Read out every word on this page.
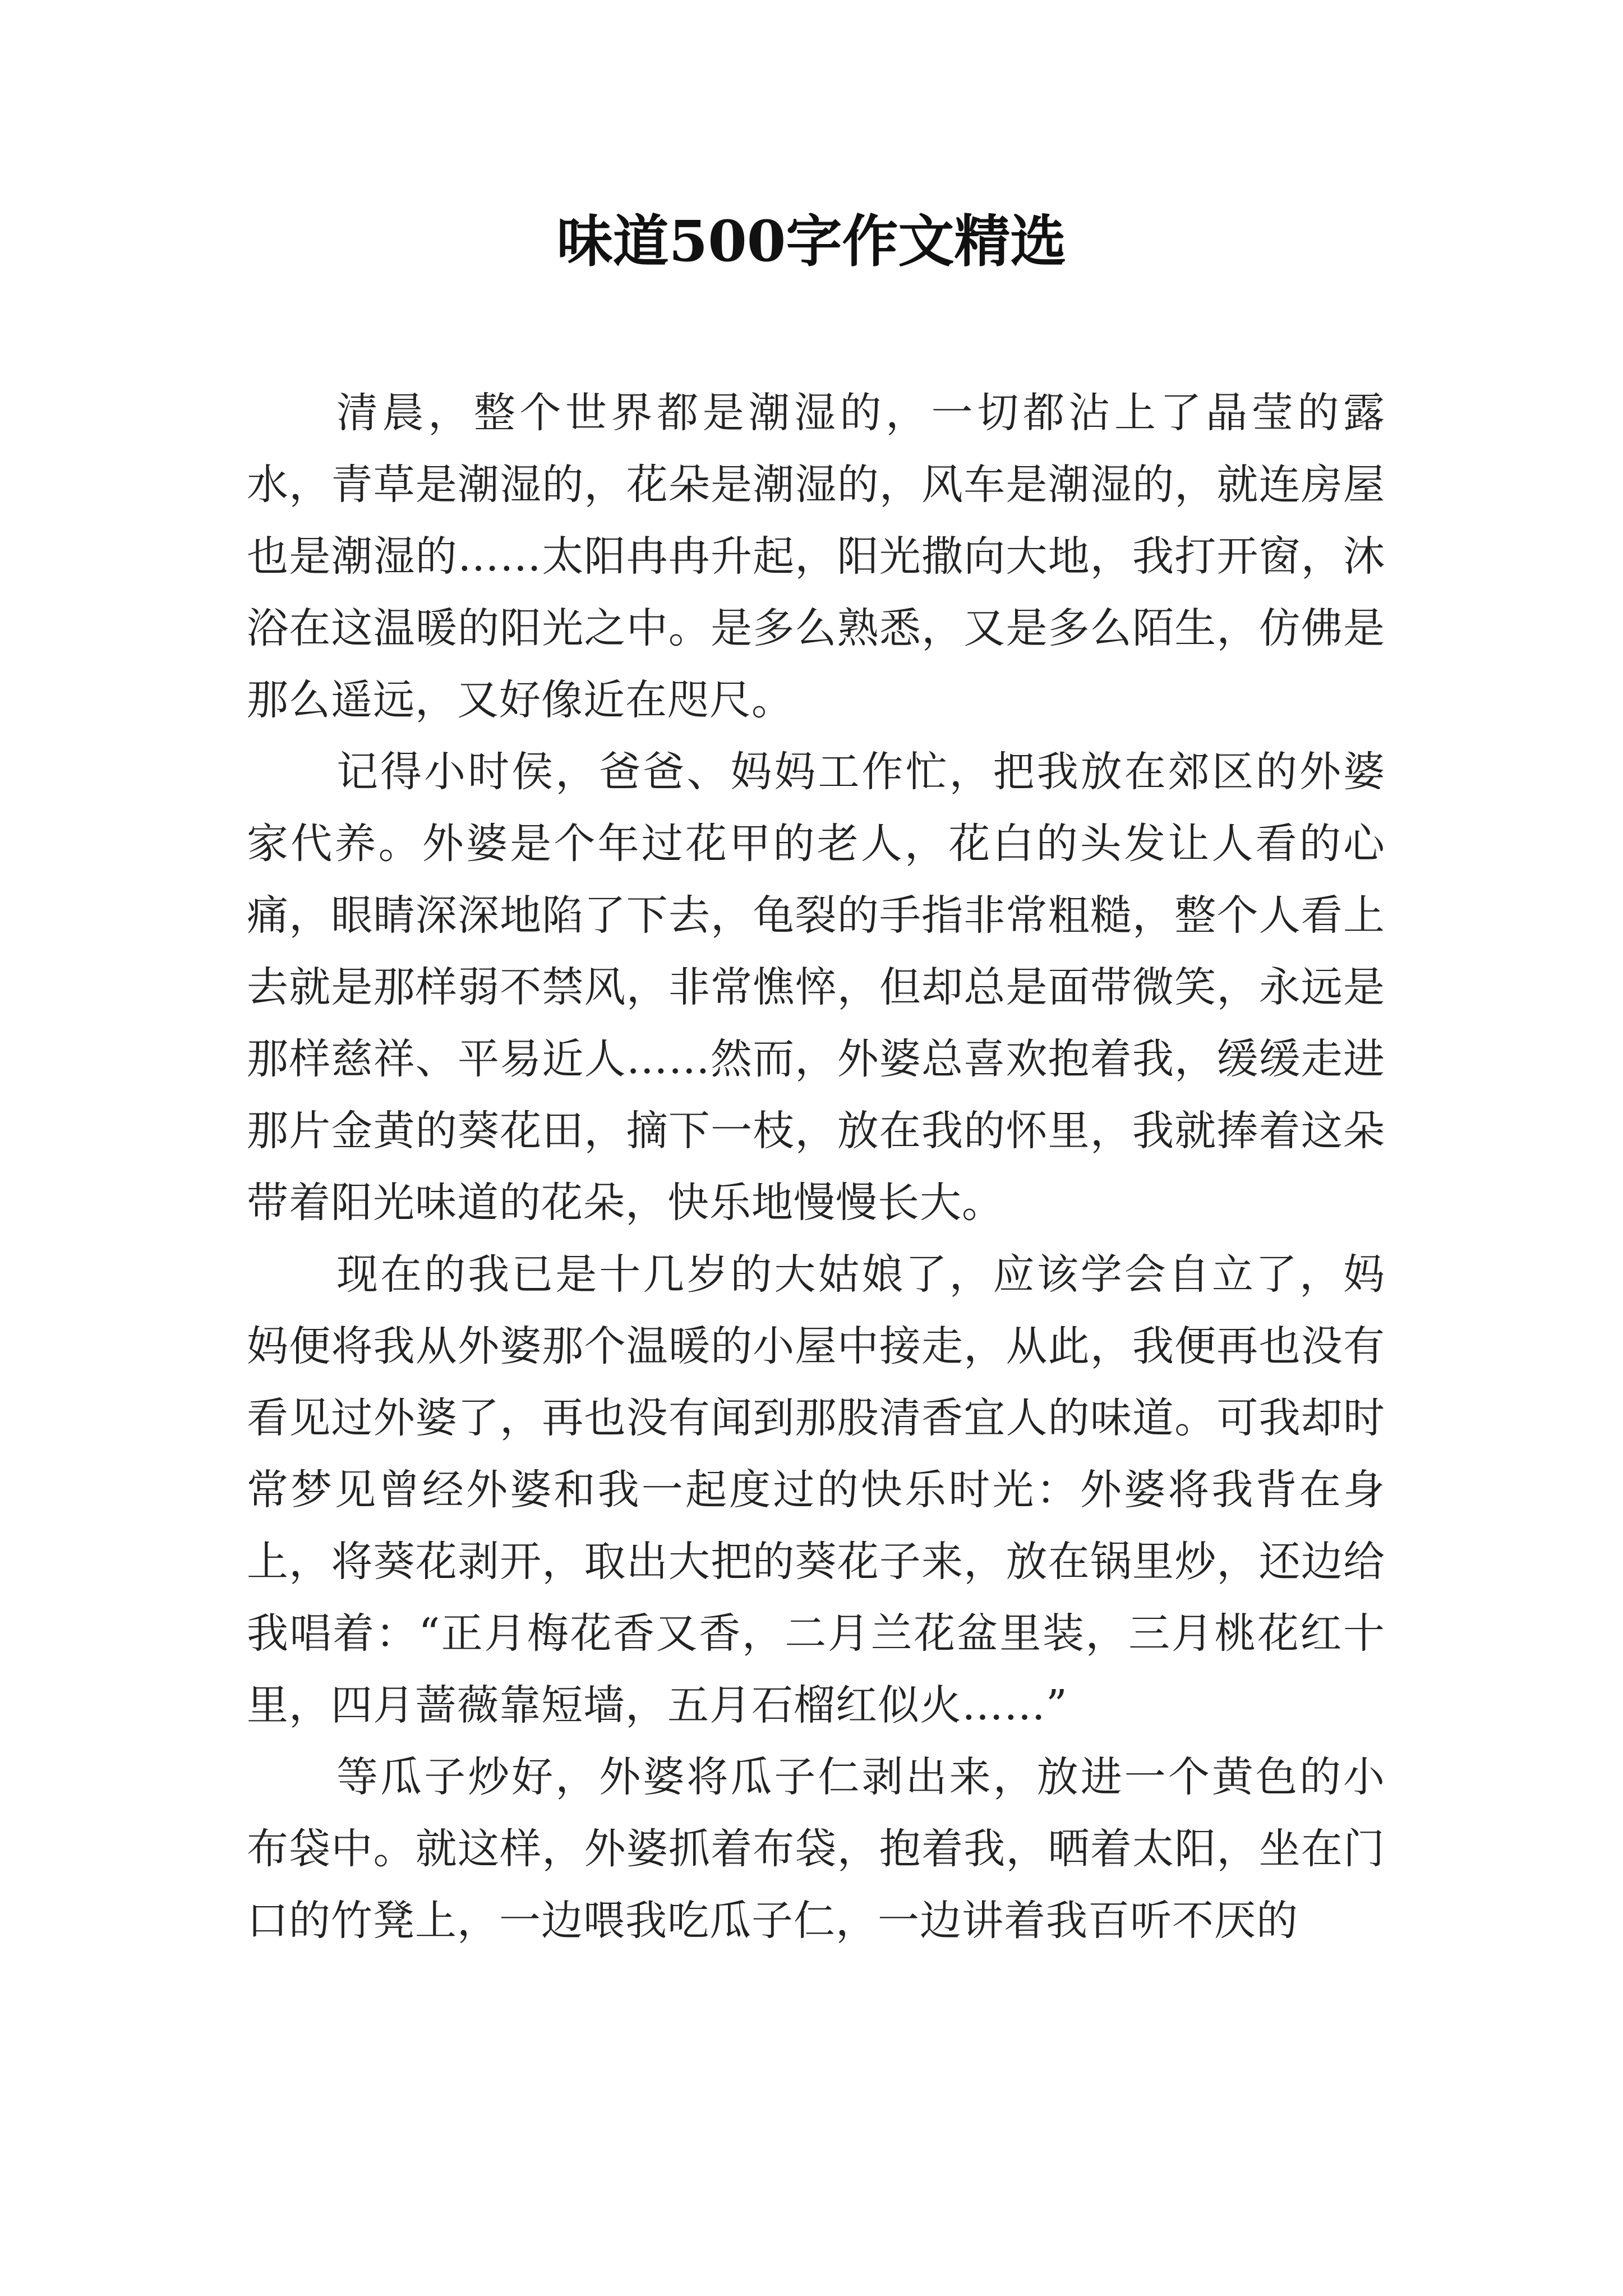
味道500字作文精选

清晨，整个世界都是潮湿的，一切都沾上了晶莹的露水，青草是潮湿的，花朵是潮湿的，风车是潮湿的，就连房屋也是潮湿的……太阳冉冉升起，阳光撒向大地，我打开窗，沐浴在这温暖的阳光之中。是多么熟悉，又是多么陌生，仿佛是那么遥远，又好像近在咫尺。

记得小时侯，爸爸、妈妈工作忙，把我放在郊区的外婆家代养。外婆是个年过花甲的老人，花白的头发让人看的心痛，眼睛深深地陷了下去，龟裂的手指非常粗糙，整个人看上去就是那样弱不禁风，非常憔悴，但却总是面带微笑，永远是那样慈祥、平易近人……然而，外婆总喜欢抱着我，缓缓走进那片金黄的葵花田，摘下一枝，放在我的怀里，我就捧着这朵带着阳光味道的花朵，快乐地慢慢长大。

现在的我已是十几岁的大姑娘了，应该学会自立了，妈妈便将我从外婆那个温暖的小屋中接走，从此，我便再也没有看见过外婆了，再也没有闻到那股清香宜人的味道。可我却时常梦见曾经外婆和我一起度过的快乐时光：外婆将我背在身上，将葵花剥开，取出大把的葵花子来，放在锅里炒，还边给我唱着：“正月梅花香又香，二月兰花盆里装，三月桃花红十里，四月蔷薇靠短墙，五月石榴红似火……”

等瓜子炒好，外婆将瓜子仁剥出来，放进一个黄色的小布袋中。就这样，外婆抓着布袋，抱着我，晒着太阳，坐在门口的竹凳上，一边喂我吃瓜子仁，一边讲着我百听不厌的
